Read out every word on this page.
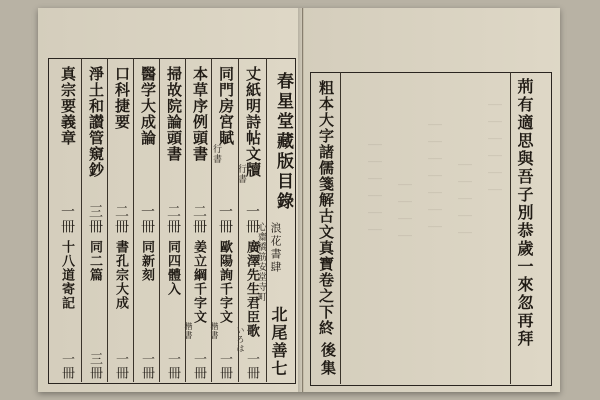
春星堂藏版目錄
浪花書肆
心齋橋筋安堂寺町
北尾善七
丈紙明詩帖文牘
行書
一冊
廣澤先生君臣歌
いろは
一冊
同門房宮賦
行書
一冊
歐陽詢千字文
楷書
一冊
本草序例頭書
二冊
姜立綱千字文
楷書
一冊
掃故院論頭書
二冊
同四體入
一冊
醫学大成論
一冊
同新刻
一冊
口科捷要
二冊
書孔宗大成
一冊
淨土和讃管窺鈔
三冊
同二篇
三冊
真宗要義章
一冊
十八道寄記
一冊
荊有適思與吾子別恭歲一來忽再拜
粗本大字諸儒箋解古文真寶卷之下終
後集
｜｜｜｜｜｜
｜｜｜｜｜
｜｜｜｜｜｜｜
｜｜｜｜
｜｜｜｜｜｜
